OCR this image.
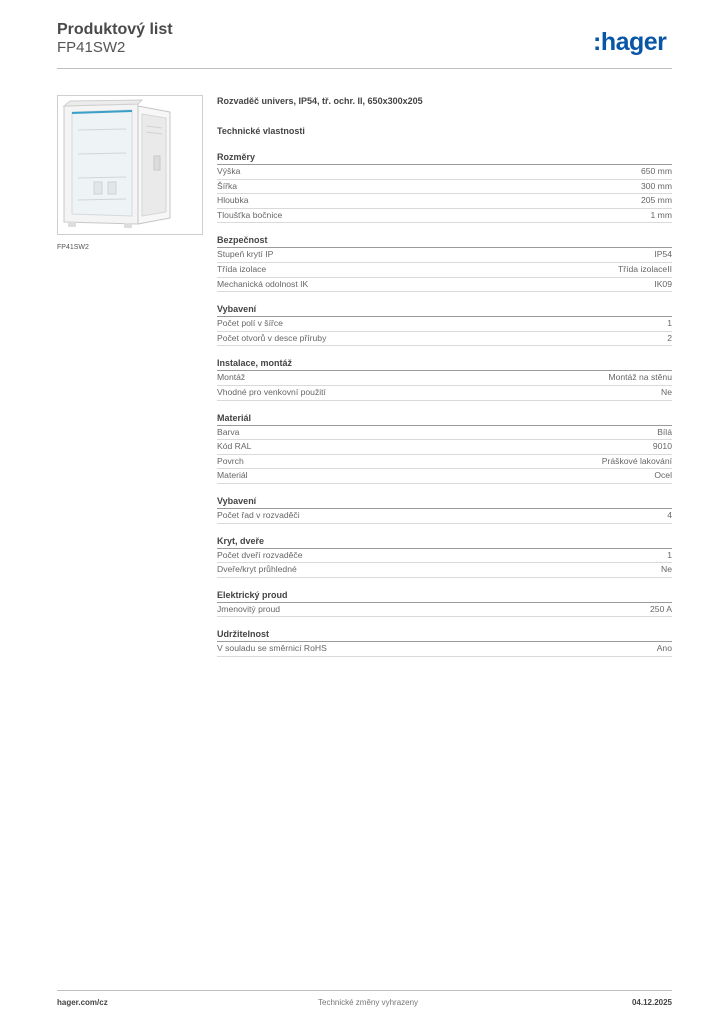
Produktový list
FP41SW2	:hager
FP41SW2
Rozvaděč univers, IP54, tř. ochr. II, 650x300x205
Technické vlastnosti
Rozměry
Výška	650 mm
Šířka	300 mm
Hloubka	205 mm
Tloušťka bočnice	1 mm
Bezpečnost
Stupeň krytí IP	IP54
Třída izolace	Třída izolaceII
Mechanická odolnost IK	IK09
Vybavení
Počet polí v šířce	1
Počet otvorů v desce příruby	2
Instalace, montáž
Montáž	Montáž na stěnu
Vhodné pro venkovní použití	Ne
Materiál
Barva	Bílá
Kód RAL	9010
Povrch	Práškové lakování
Materiál	Ocel
Vybavení
Počet řad v rozvaděči	4
Kryt, dveře
Počet dveří rozvaděče	1
Dveře/kryt průhledné	Ne
Elektrický proud
Jmenovitý proud	250 A
Udržitelnost
V souladu se směrnicí RoHS	Ano
hager.com/cz	Technické změny vyhrazeny	04.12.2025
